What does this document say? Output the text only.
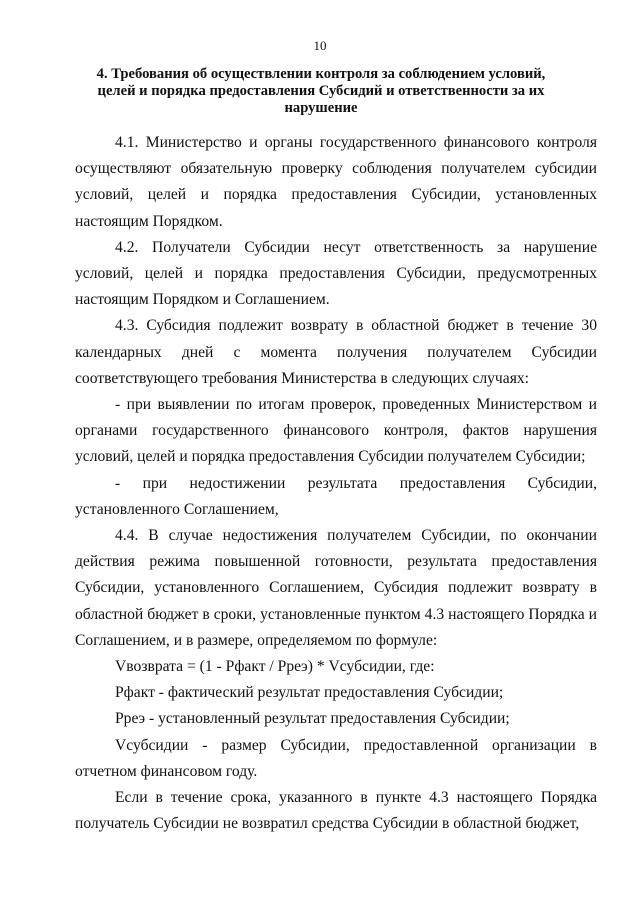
10
4. Требования об осуществлении контроля за соблюдением условий, целей и порядка предоставления Субсидий и ответственности за их нарушение

4.1. Министерство и органы государственного финансового контроля осуществляют обязательную проверку соблюдения получателем субсидии условий, целей и порядка предоставления Субсидии, установленных настоящим Порядком.

4.2. Получатели Субсидии несут ответственность за нарушение условий, целей и порядка предоставления Субсидии, предусмотренных настоящим Порядком и Соглашением.

4.3. Субсидия подлежит возврату в областной бюджет в течение 30 календарных дней с момента получения получателем Субсидии соответствующего требования Министерства в следующих случаях:

- при выявлении по итогам проверок, проведенных Министерством и органами государственного финансового контроля, фактов нарушения условий, целей и порядка предоставления Субсидии получателем Субсидии;

- при недостижении результата предоставления Субсидии, установленного Соглашением,

4.4. В случае недостижения получателем Субсидии, по окончании действия режима повышенной готовности, результата предоставления Субсидии, установленного Соглашением, Субсидия подлежит возврату в областной бюджет в сроки, установленные пунктом 4.3 настоящего Порядка и Соглашением, и в размере, определяемом по формуле:

Vвозврата = (1 - Рфакт / Рреэ) * Vсубсидии, где:

Рфакт - фактический результат предоставления Субсидии;

Рреэ - установленный результат предоставления Субсидии;

Vсубсидии - размер Субсидии, предоставленной организации в отчетном финансовом году.

Если в течение срока, указанного в пункте 4.3 настоящего Порядка получатель Субсидии не возвратил средства Субсидии в областной бюджет,
